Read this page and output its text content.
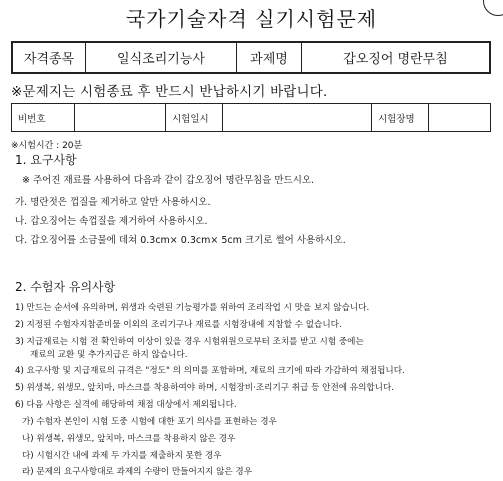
국가기술자격 실기시험문제
자격종목	일식조리기능사	과제명	갑오징어 명란무침
※문제지는 시험종료 후 반드시 반납하시기 바랍니다.
비번호		시험일시		시험장명	
※시험시간 : 20분
1. 요구사항
※ 주어진 재료를 사용하여 다음과 같이 갑오징어 명란무침을 만드시오.
가. 명란젓은 껍질을 제거하고 알만 사용하시오.
나. 갑오징어는 속껍질을 제거하여 사용하시오.
다. 갑오징어를 소금물에 데쳐 0.3cm× 0.3cm× 5cm 크기로 썰어 사용하시오.
2. 수험자 유의사항
1) 만드는 순서에 유의하며, 위생과 숙련된 기능평가를 위하여 조리작업 시 맛을 보지 않습니다.
2) 지정된 수험자지참준비물 이외의 조리기구나 재료를 시험장내에 지참할 수 없습니다.
3) 지급재료는 시험 전 확인하여 이상이 있을 경우 시험위원으로부터 조치를 받고 시험 중에는
재료의 교환 및 추가지급은 하지 않습니다.
4) 요구사항 및 지급재료의 규격은 "정도" 의 의미를 포함하며, 재료의 크기에 따라 가감하여 채점됩니다.
5) 위생복, 위생모, 앞치마, 마스크를 착용하여야 하며, 시험장비·조리기구 취급 등 안전에 유의합니다.
6) 다음 사항은 실격에 해당하여 채점 대상에서 제외됩니다.
가) 수험자 본인이 시험 도중 시험에 대한 포기 의사를 표현하는 경우
나) 위생복, 위생모, 앞치마, 마스크를 착용하지 않은 경우
다) 시험시간 내에 과제 두 가지를 제출하지 못한 경우
라) 문제의 요구사항대로 과제의 수량이 만들어지지 않은 경우
